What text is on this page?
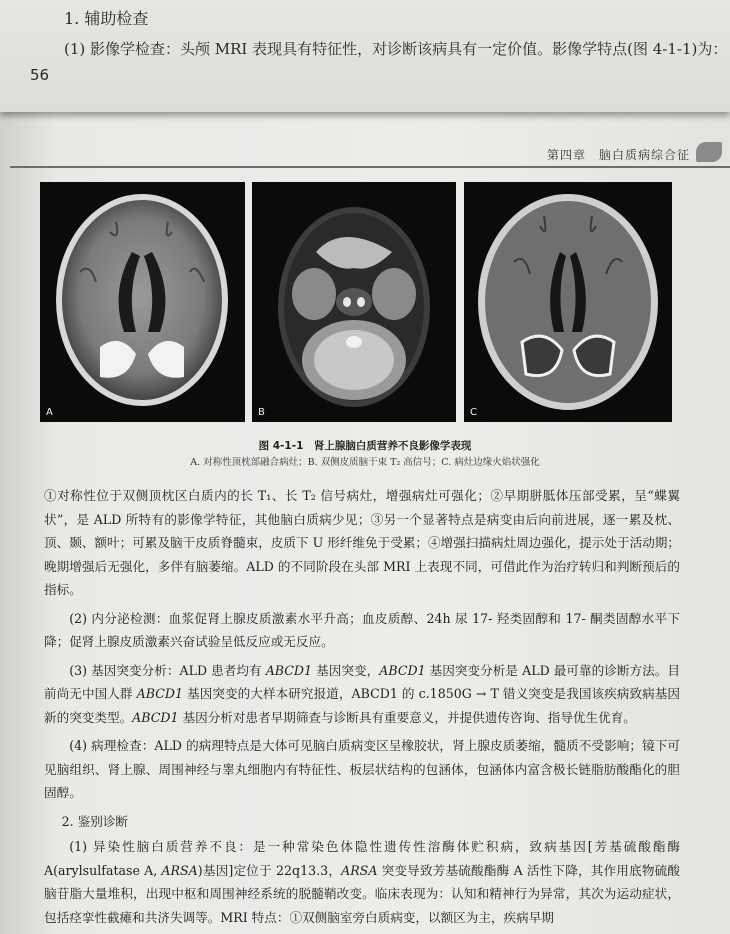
1. 辅助检查
(1) 影像学检查：头颅 MRI 表现具有特征性，对诊断该病具有一定价值。影像学特点(图 4-1-1)为：
56
第四章　脑白质病综合征
A	B	C
图 4-1-1　肾上腺脑白质营养不良影像学表现
A. 对称性顶枕部融合病灶；B. 双侧皮质脑干束 T₂ 高信号；C. 病灶边缘火焰状强化

①对称性位于双侧顶枕区白质内的长 T₁、长 T₂ 信号病灶，增强病灶可强化；②早期胼胝体压部受累，呈“蝶翼状”，是 ALD 所特有的影像学特征，其他脑白质病少见；③另一个显著特点是病变由后向前进展，逐一累及枕、顶、颞、额叶；可累及脑干皮质脊髓束，皮质下 U 形纤维免于受累；④增强扫描病灶周边强化，提示处于活动期；晚期增强后无强化，多伴有脑萎缩。ALD 的不同阶段在头部 MRI 上表现不同，可借此作为治疗转归和判断预后的指标。

(2) 内分泌检测：血浆促肾上腺皮质激素水平升高；血皮质醇、24h 尿 17- 羟类固醇和 17- 酮类固醇水平下降；促肾上腺皮质激素兴奋试验呈低反应或无反应。

(3) 基因突变分析：ALD 患者均有 ABCD1 基因突变，ABCD1 基因突变分析是 ALD 最可靠的诊断方法。目前尚无中国人群 ABCD1 基因突变的大样本研究报道，ABCD1 的 c.1850G → T 错义突变是我国该疾病致病基因新的突变类型。ABCD1 基因分析对患者早期筛查与诊断具有重要意义，并提供遗传咨询、指导优生优育。

(4) 病理检查：ALD 的病理特点是大体可见脑白质病变区呈橡胶状，肾上腺皮质萎缩，髓质不受影响；镜下可见脑组织、肾上腺、周围神经与睾丸细胞内有特征性、板层状结构的包涵体，包涵体内富含极长链脂肪酸酯化的胆固醇。

2. 鉴别诊断

(1) 异染性脑白质营养不良：是一种常染色体隐性遗传性溶酶体贮积病，致病基因[芳基硫酸酯酶 A(arylsulfatase A, ARSA)基因]定位于 22q13.3，ARSA 突变导致芳基硫酸酯酶 A 活性下降，其作用底物硫酸脑苷脂大量堆积，出现中枢和周围神经系统的脱髓鞘改变。临床表现为：认知和精神行为异常，其次为运动症状，包括痉挛性截瘫和共济失调等。MRI 特点：①双侧脑室旁白质病变，以额区为主，疾病早期
